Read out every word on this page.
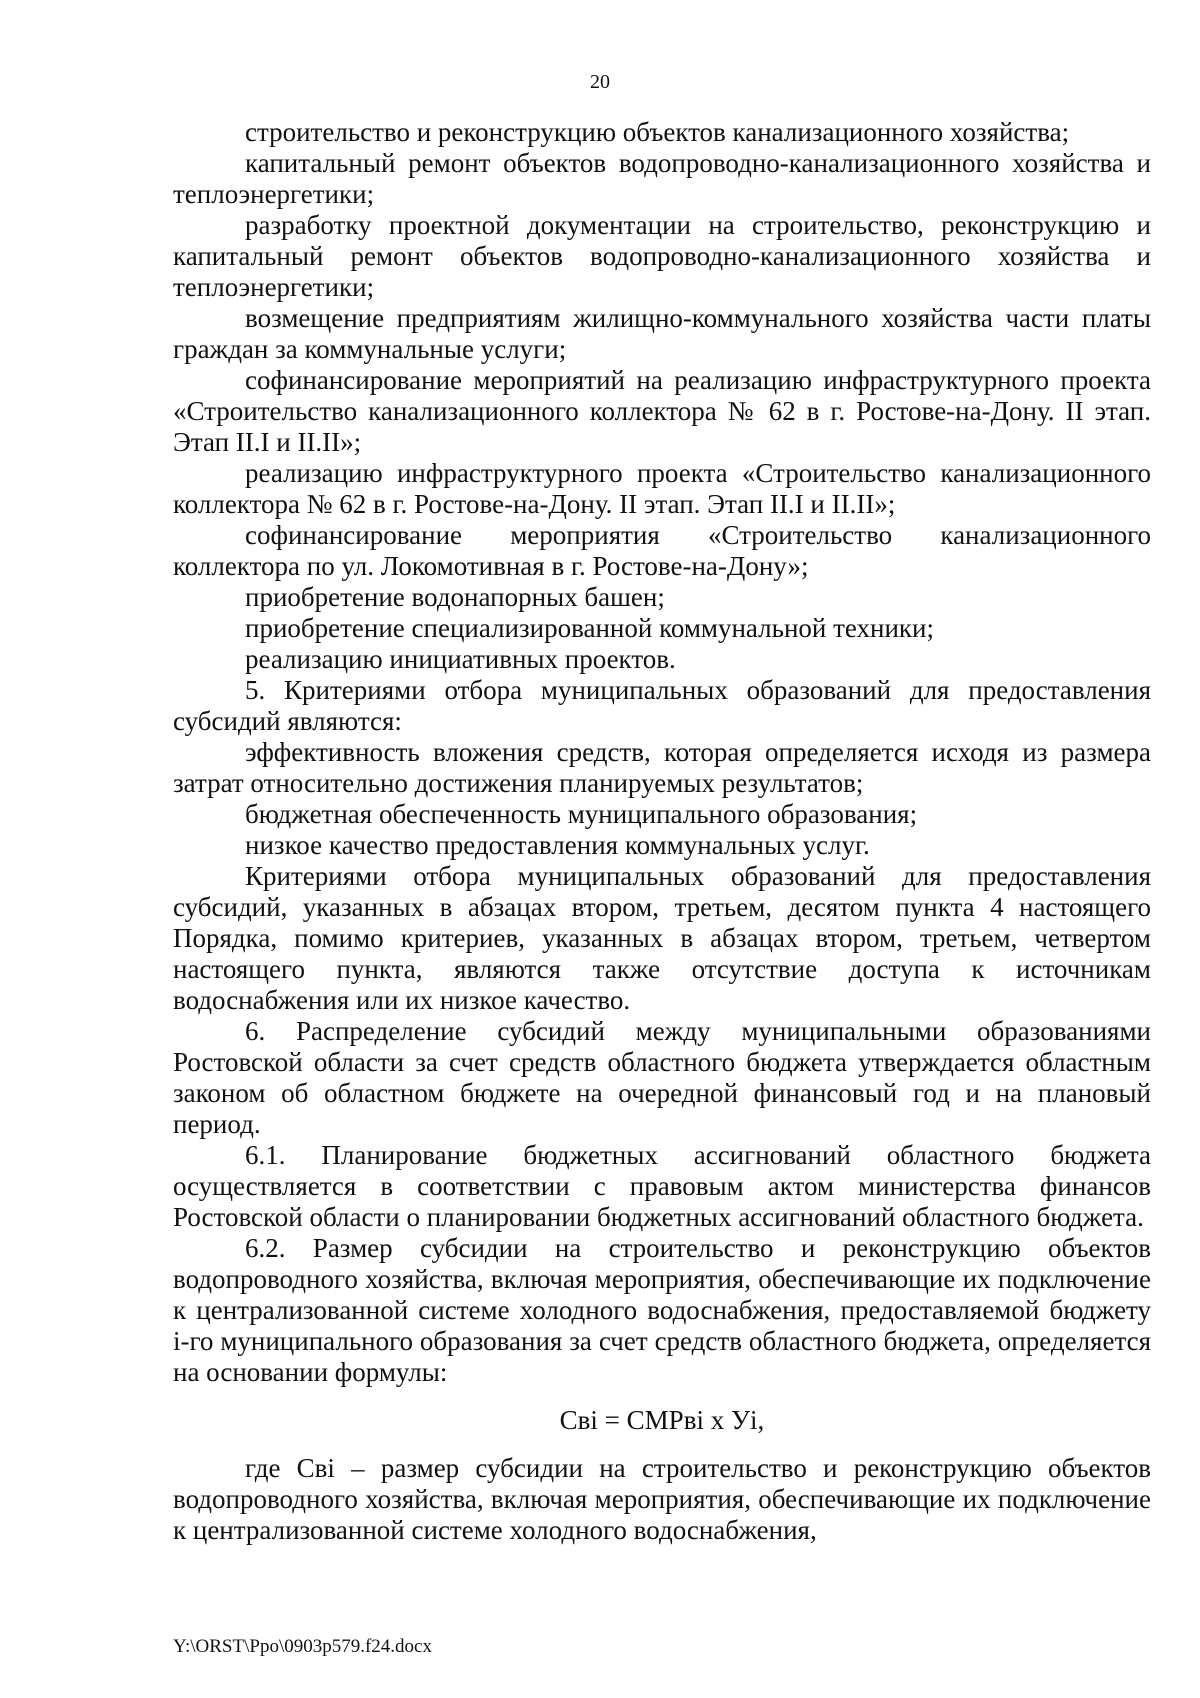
20

строительство и реконструкцию объектов канализационного хозяйства;

капитальный ремонт объектов водопроводно-канализационного хозяйства и теплоэнергетики;

разработку проектной документации на строительство, реконструкцию и капитальный ремонт объектов водопроводно-канализационного хозяйства и теплоэнергетики;

возмещение предприятиям жилищно-коммунального хозяйства части платы граждан за коммунальные услуги;

софинансирование мероприятий на реализацию инфраструктурного проекта «Строительство канализационного коллектора № 62 в г. Ростове-на-Дону. II этап. Этап II.I и II.II»;

реализацию инфраструктурного проекта «Строительство канализационного коллектора № 62 в г. Ростове-на-Дону. II этап. Этап II.I и II.II»;

софинансирование мероприятия «Строительство канализационного коллектора по ул. Локомотивная в г. Ростове-на-Дону»;

приобретение водонапорных башен;

приобретение специализированной коммунальной техники;

реализацию инициативных проектов.

5. Критериями отбора муниципальных образований для предоставления субсидий являются:

эффективность вложения средств, которая определяется исходя из размера затрат относительно достижения планируемых результатов;

бюджетная обеспеченность муниципального образования;

низкое качество предоставления коммунальных услуг.

Критериями отбора муниципальных образований для предоставления субсидий, указанных в абзацах втором, третьем, десятом пункта 4 настоящего Порядка, помимо критериев, указанных в абзацах втором, третьем, четвертом настоящего пункта, являются также отсутствие доступа к источникам водоснабжения или их низкое качество.

6. Распределение субсидий между муниципальными образованиями Ростовской области за счет средств областного бюджета утверждается областным законом об областном бюджете на очередной финансовый год и на плановый период.

6.1. Планирование бюджетных ассигнований областного бюджета осуществляется в соответствии с правовым актом министерства финансов Ростовской области о планировании бюджетных ассигнований областного бюджета.

6.2. Размер субсидии на строительство и реконструкцию объектов водопроводного хозяйства, включая мероприятия, обеспечивающие их подключение к централизованной системе холодного водоснабжения, предоставляемой бюджету i-го муниципального образования за счет средств областного бюджета, определяется на основании формулы:

Свi = СМРвi х Уi,

где Свi – размер субсидии на строительство и реконструкцию объектов водопроводного хозяйства, включая мероприятия, обеспечивающие их подключение к централизованной системе холодного водоснабжения,

Y:\ORST\Ppo\0903p579.f24.docx
